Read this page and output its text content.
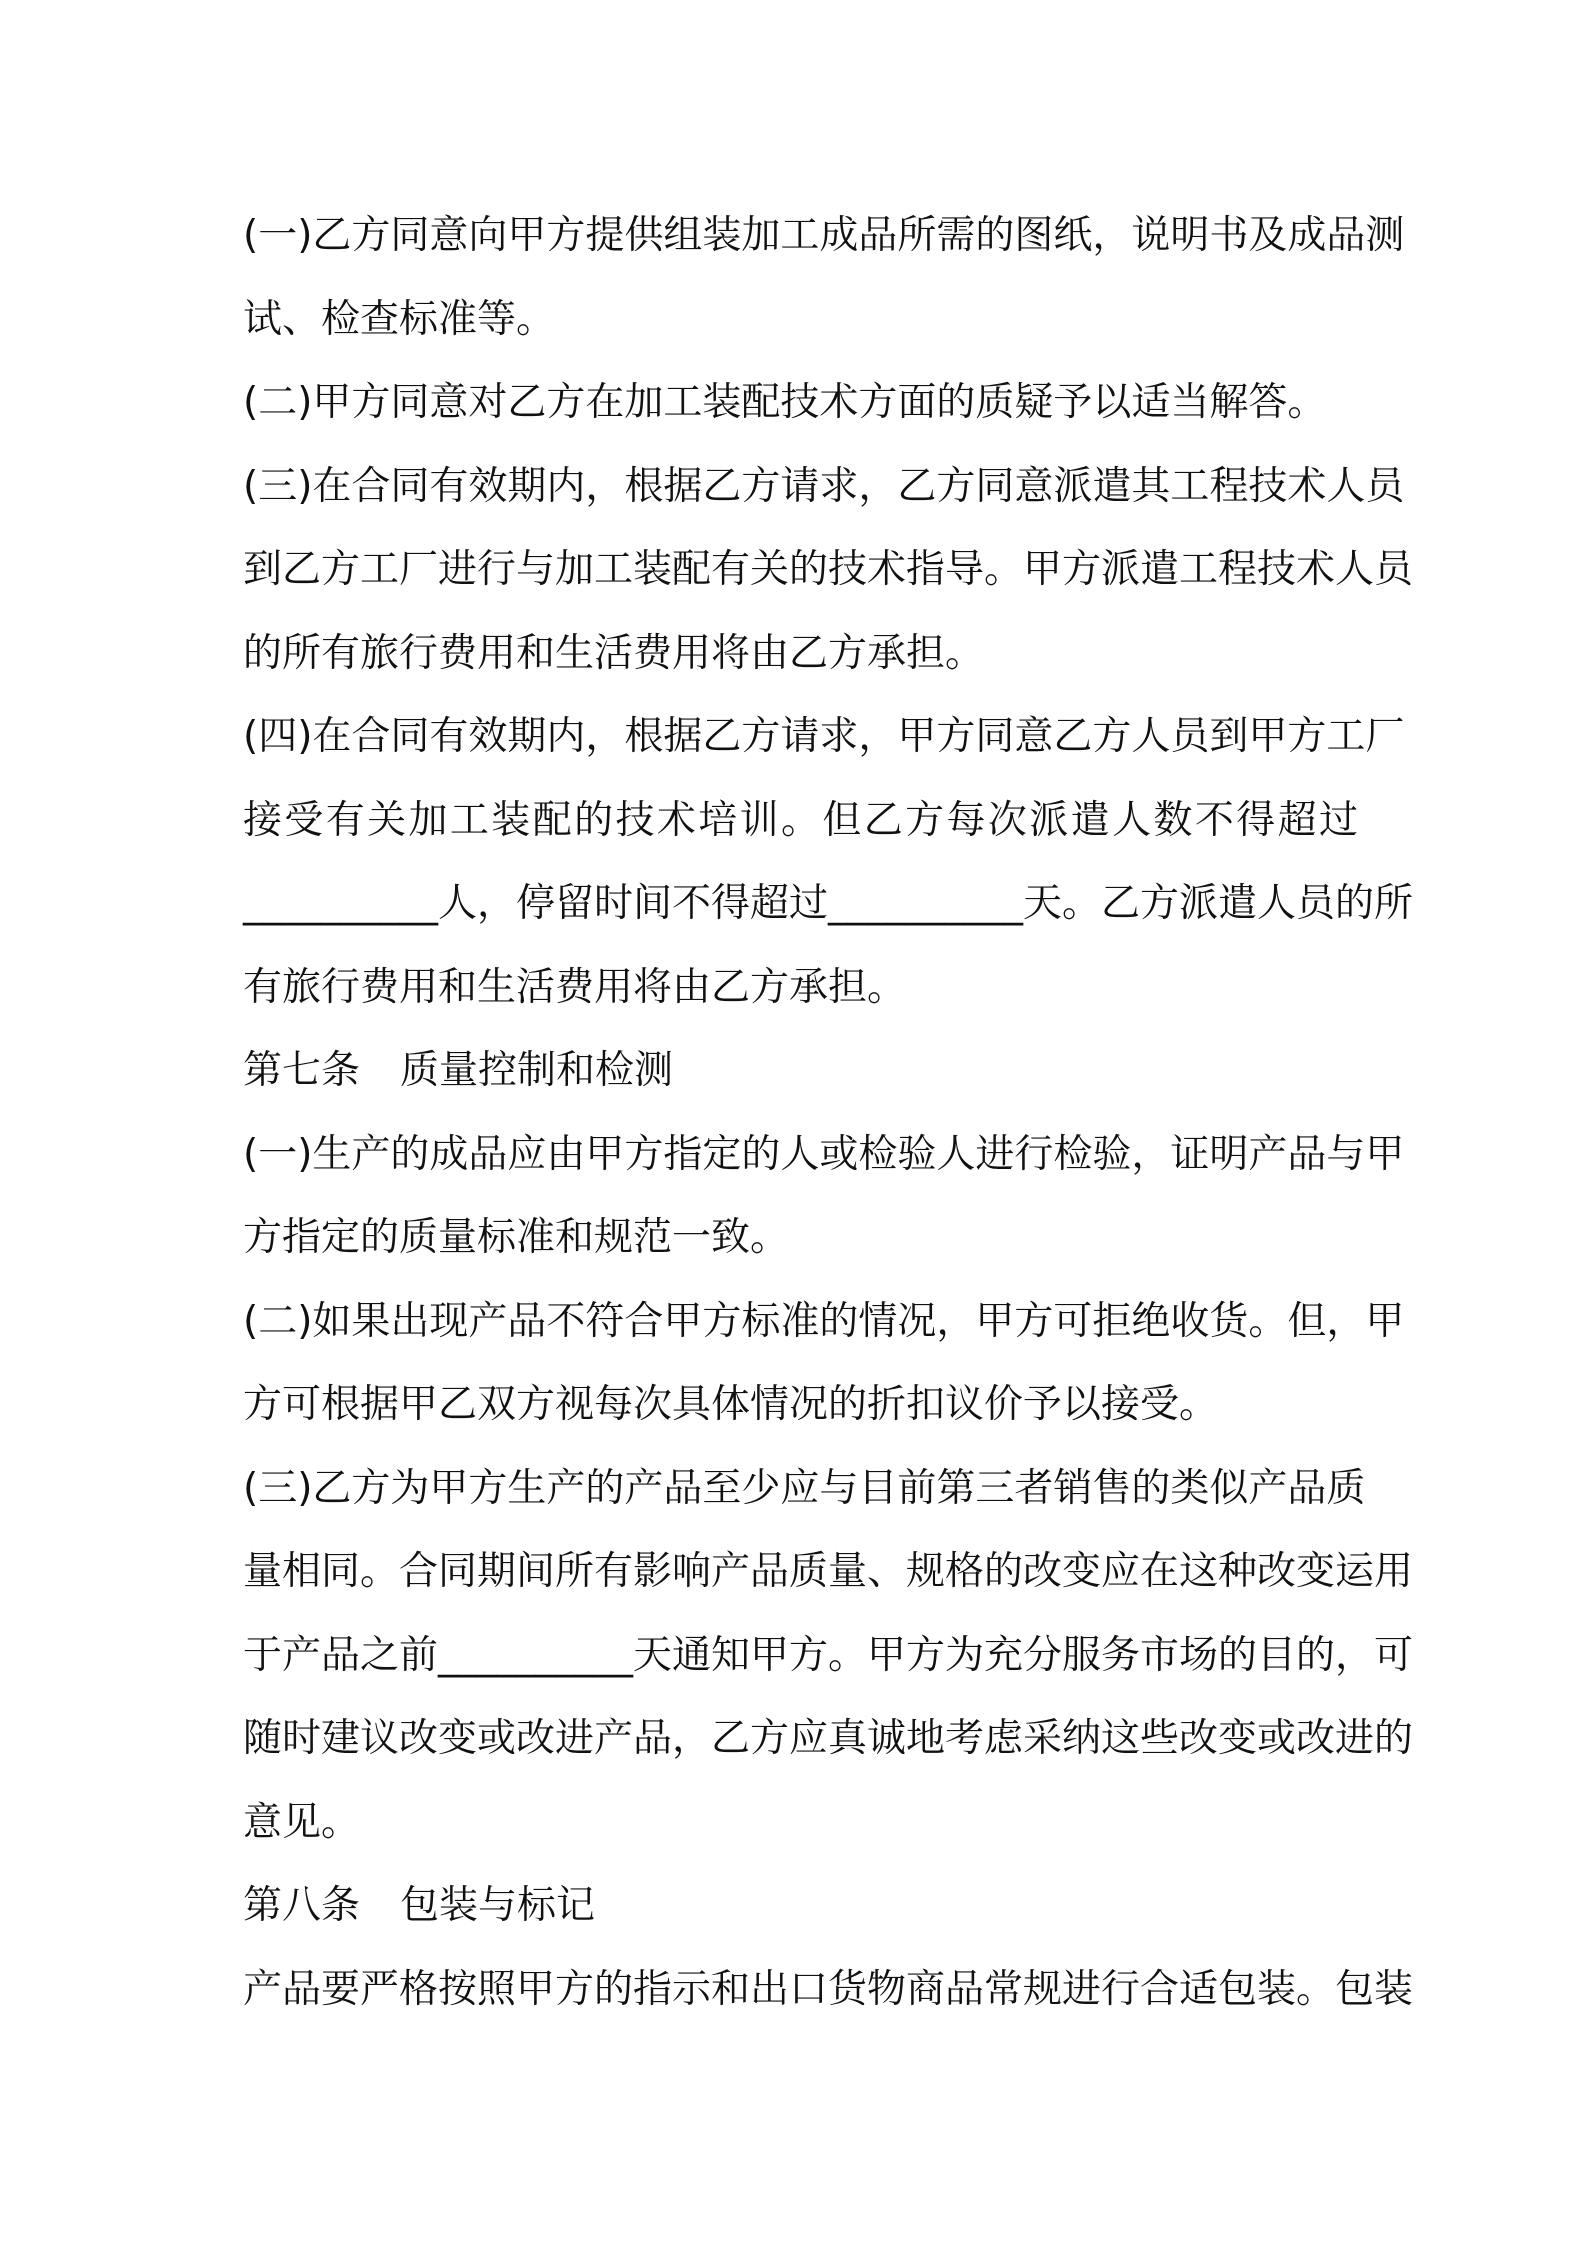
(一)乙方同意向甲方提供组装加工成品所需的图纸，说明书及成品测
试、检查标准等。
(二)甲方同意对乙方在加工装配技术方面的质疑予以适当解答。
(三)在合同有效期内，根据乙方请求，乙方同意派遣其工程技术人员
到乙方工厂进行与加工装配有关的技术指导。甲方派遣工程技术人员
的所有旅行费用和生活费用将由乙方承担。
(四)在合同有效期内，根据乙方请求，甲方同意乙方人员到甲方工厂
接受有关加工装配的技术培训。但乙方每次派遣人数不得超过
__________人，停留时间不得超过__________天。乙方派遣人员的所
有旅行费用和生活费用将由乙方承担。
第七条 质量控制和检测
(一)生产的成品应由甲方指定的人或检验人进行检验，证明产品与甲
方指定的质量标准和规范一致。
(二)如果出现产品不符合甲方标准的情况，甲方可拒绝收货。但，甲
方可根据甲乙双方视每次具体情况的折扣议价予以接受。
(三)乙方为甲方生产的产品至少应与目前第三者销售的类似产品质
量相同。合同期间所有影响产品质量、规格的改变应在这种改变运用
于产品之前__________天通知甲方。甲方为充分服务市场的目的，可
随时建议改变或改进产品，乙方应真诚地考虑采纳这些改变或改进的
意见。
第八条 包装与标记
产品要严格按照甲方的指示和出口货物商品常规进行合适包装。包装
